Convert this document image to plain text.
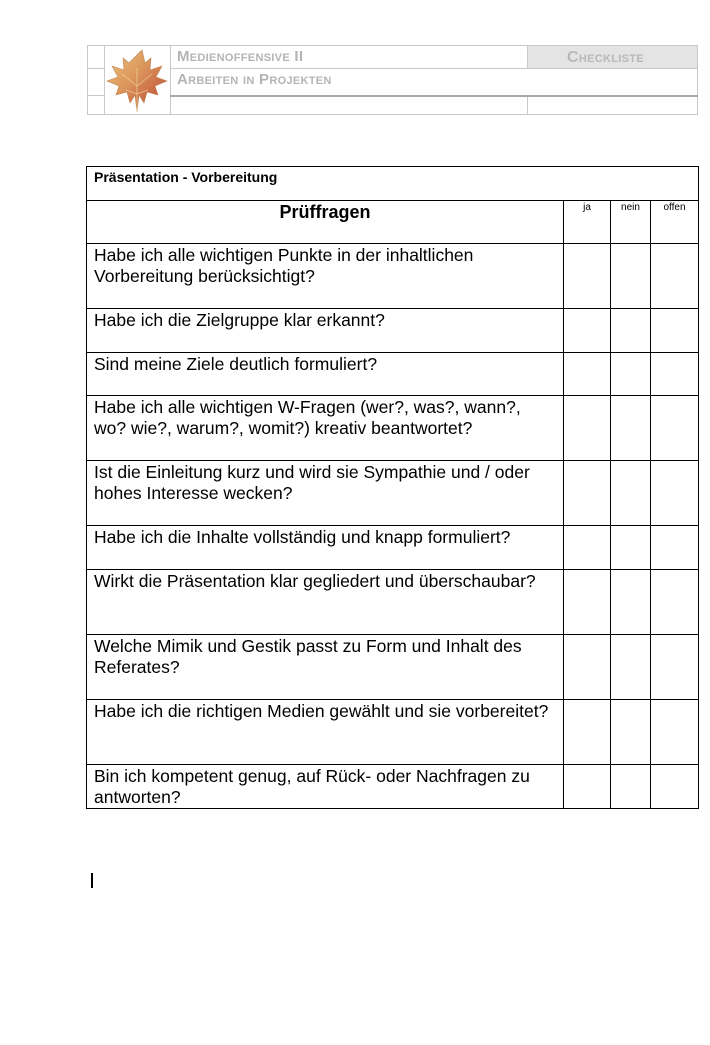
Medienoffensive II
Arbeiten in Projekten
Checkliste
Präsentation - Vorbereitung			
Prüffragen	ja	nein	offen
Habe ich alle wichtigen Punkte in der inhaltlichen Vorbereitung berücksichtigt?			
Habe ich die Zielgruppe klar erkannt?			
Sind meine Ziele deutlich formuliert?			
Habe ich alle wichtigen W-Fragen (wer?, was?, wann?, wo? wie?, warum?, womit?) kreativ beantwortet?			
Ist die Einleitung kurz und wird sie Sympathie und / oder hohes Interesse wecken?			
Habe ich die Inhalte vollständig und knapp formuliert?			
Wirkt die Präsentation klar gegliedert und überschaubar?			
Welche Mimik und Gestik passt zu Form und Inhalt des Referates?			
Habe ich die richtigen Medien gewählt und sie vorbereitet?			
Bin ich kompetent genug, auf Rück- oder Nachfragen zu antworten?			
